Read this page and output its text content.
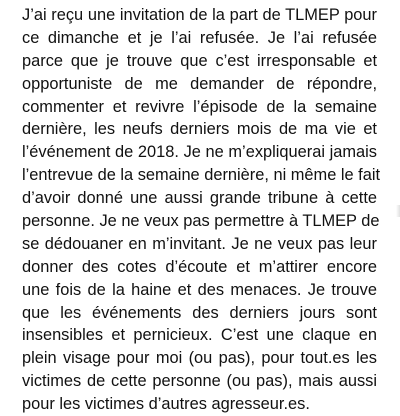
J’ai reçu une invitation de la part de TLMEP pour
ce dimanche et je l’ai refusée. Je l’ai refusée
parce que je trouve que c’est irresponsable et
opportuniste de me demander de répondre,
commenter et revivre l’épisode de la semaine
dernière, les neufs derniers mois de ma vie et
l’événement de 2018. Je ne m’expliquerai jamais
l’entrevue de la semaine dernière, ni même le fait
d’avoir donné une aussi grande tribune à cette
personne. Je ne veux pas permettre à TLMEP de
se dédouaner en m’invitant. Je ne veux pas leur
donner des cotes d’écoute et m’attirer encore
une fois de la haine et des menaces. Je trouve
que les événements des derniers jours sont
insensibles et pernicieux. C’est une claque en
plein visage pour moi (ou pas), pour tout.es les
victimes de cette personne (ou pas), mais aussi
pour les victimes d’autres agresseur.es.
